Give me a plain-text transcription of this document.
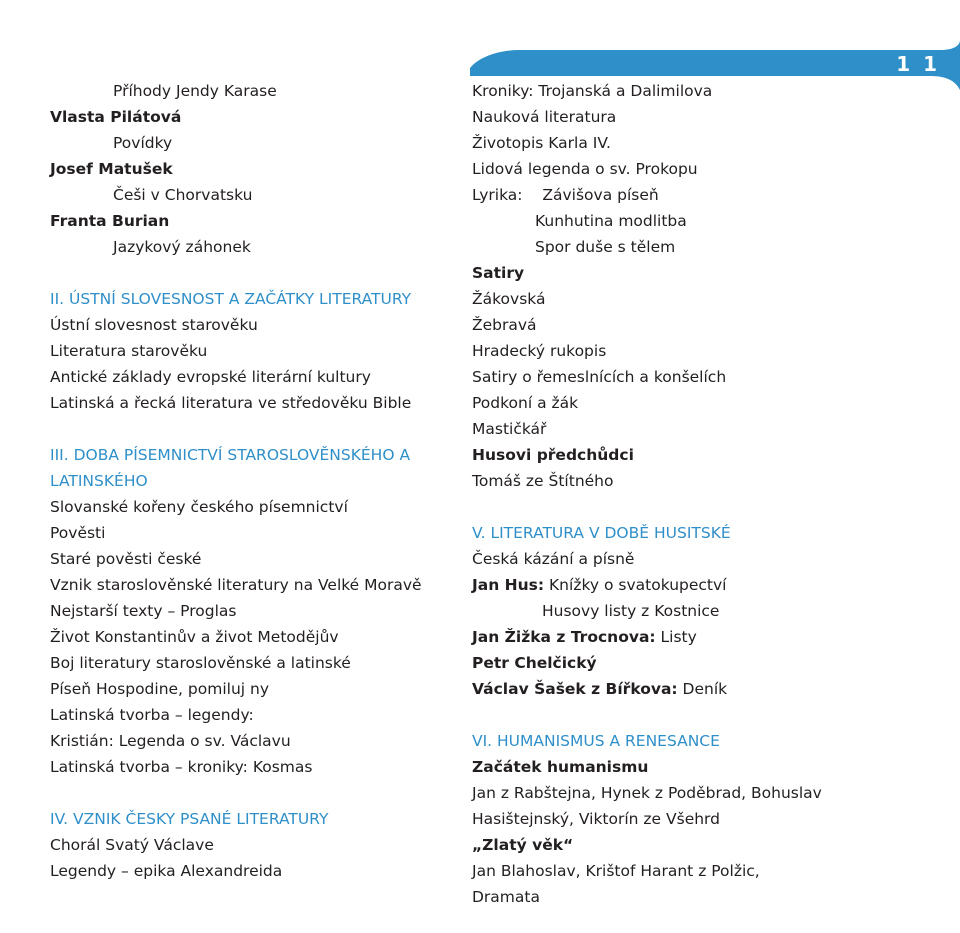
1 1
Příhody Jendy Karase
Vlasta Pilátová
Povídky
Josef Matušek
Češi v Chorvatsku
Franta Burian
Jazykový záhonek
II. ÚSTNÍ SLOVESNOST A ZAČÁTKY LITERATURY
Ústní slovesnost starověku
Literatura starověku
Antické základy evropské literární kultury
Latinská a řecká literatura ve středověku Bible
III. DOBA PÍSEMNICTVÍ STAROSLOVĚNSKÉHO A
LATINSKÉHO
Slovanské kořeny českého písemnictví
Pověsti
Staré pověsti české
Vznik staroslověnské literatury na Velké Moravě
Nejstarší texty – Proglas
Život Konstantinův a život Metodějův
Boj literatury staroslověnské a latinské
Píseň Hospodine, pomiluj ny
Latinská tvorba – legendy:
Kristián: Legenda o sv. Václavu
Latinská tvorba – kroniky: Kosmas
IV. VZNIK ČESKY PSANÉ LITERATURY
Chorál Svatý Václave
Legendy – epika Alexandreida
Kroniky: Trojanská a Dalimilova
Nauková literatura
Životopis Karla IV.
Lidová legenda o sv. Prokopu
Lyrika: Závišova píseň
Kunhutina modlitba
Spor duše s tělem
Satiry
Žákovská
Žebravá
Hradecký rukopis
Satiry o řemeslnících a konšelích
Podkoní a žák
Mastičkář
Husovi předchůdci
Tomáš ze Štítného
V. LITERATURA V DOBĚ HUSITSKÉ
Česká kázání a písně
Jan Hus: Knížky o svatokupectví
Husovy listy z Kostnice
Jan Žižka z Trocnova: Listy
Petr Chelčický
Václav Šašek z Bířkova: Deník
VI. HUMANISMUS A RENESANCE
Začátek humanismu
Jan z Rabštejna, Hynek z Poděbrad, Bohuslav
Hasištejnský, Viktorín ze Všehrd
„Zlatý věk“
Jan Blahoslav, Krištof Harant z Polžic,
Dramata
